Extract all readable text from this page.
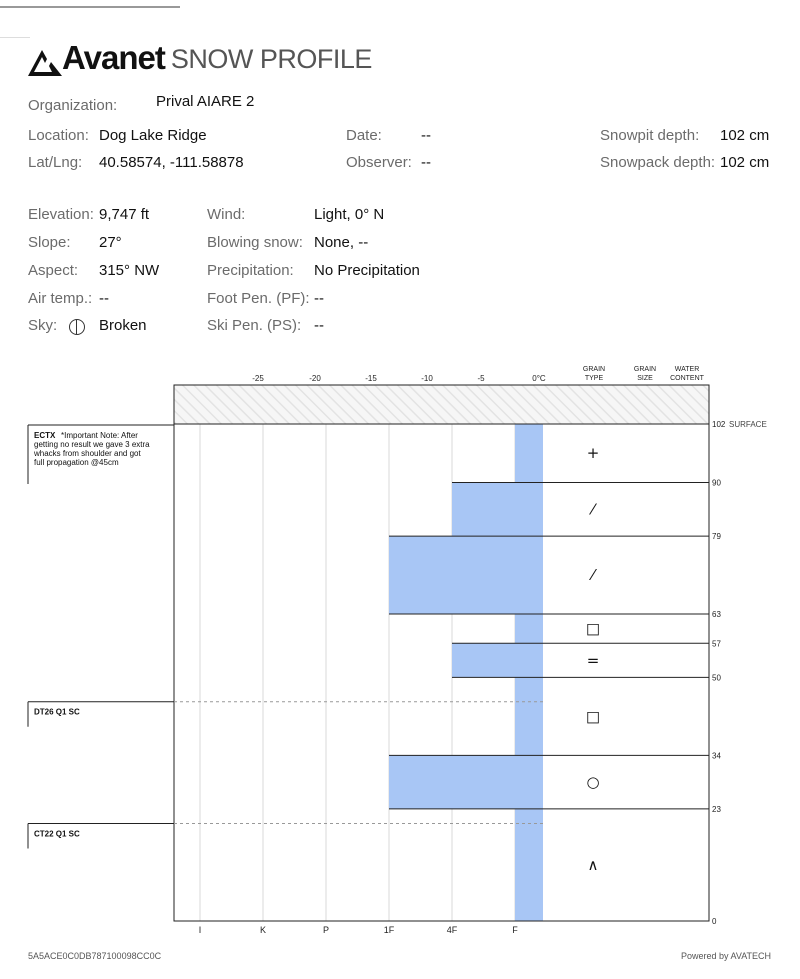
Avanet SNOW PROFILE
Organization:	Prival AIARE 2
Location: Dog Lake Ridge	Date:	--	Snowpit depth: 102 cm
Lat/Lng: 40.58574, -111.58878	Observer: --	Snowpack depth: 102 cm
Elevation: 9,747 ft
Slope: 27°
Aspect: 315° NW
Air temp.: --
Sky:	Broken
Wind:	Light, 0° N
Blowing snow: None, --
Precipitation: No Precipitation
Foot Pen. (PF): --
Ski Pen. (PS): --
+
⁄
⁄
□
=
□
○
∧
-25	-20	-15	-10	-5	0°C
GRAIN
TYPE
GRAIN
SIZE
WATER
CONTENT
I	K	P	1F	4F	F
102
90
79
63
57
50
34
23
0
SURFACE
ECTX *Important Note: After
getting no result we gave 3 extra
whacks from shoulder and got
full propagation @45cm
DT26 Q1 SC
CT22 Q1 SC
5A5ACE0C0DB787100098CC0C	Powered by AVATECH
